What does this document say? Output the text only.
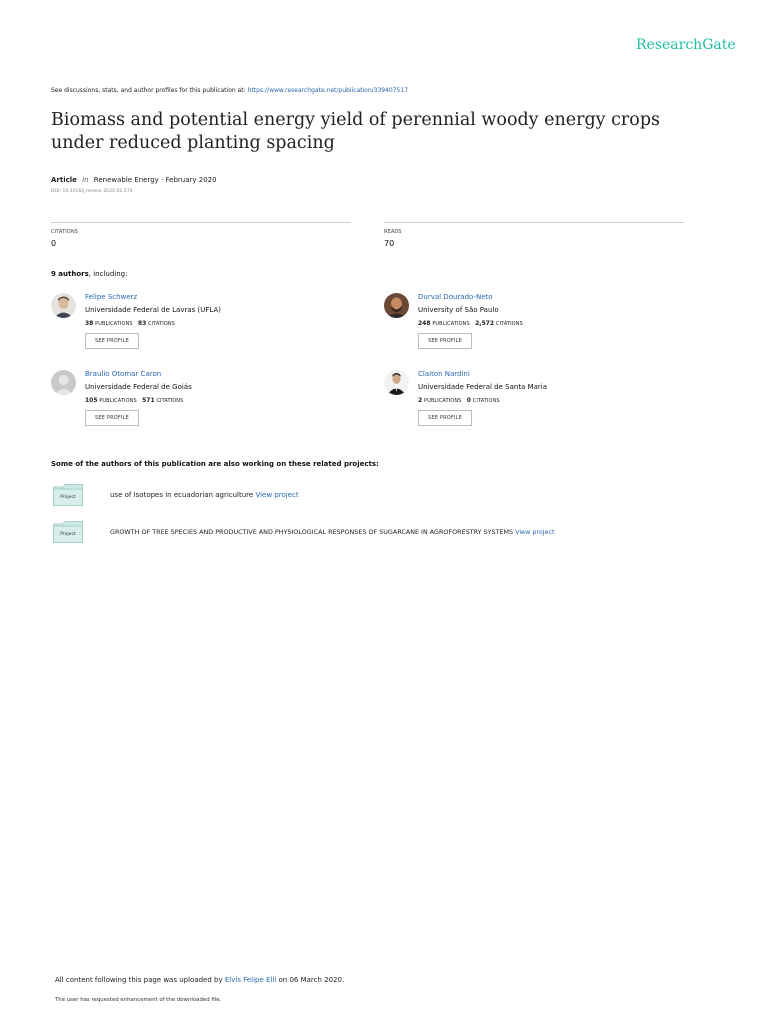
ResearchGate
See discussions, stats, and author profiles for this publication at: https://www.researchgate.net/publication/339407517
Biomass and potential energy yield of perennial woody energy crops under reduced planting spacing
Article in Renewable Energy · February 2020
DOI: 10.1016/j.renene.2020.02.074
CITATIONS
0
READS
70
9 authors, including:
Felipe Schwerz
Universidade Federal de Lavras (UFLA)
38 PUBLICATIONS 83 CITATIONS
SEE PROFILE
Durval Dourado-Neto
University of São Paulo
248 PUBLICATIONS 2,572 CITATIONS
SEE PROFILE
Braulio Otomar Caron
Universidade Federal de Goiás
105 PUBLICATIONS 571 CITATIONS
SEE PROFILE
Claiton Nardini
Universidade Federal de Santa Maria
2 PUBLICATIONS 0 CITATIONS
SEE PROFILE
Some of the authors of this publication are also working on these related projects:
Project	use of Isotopes in ecuadorian agriculture View project
Project	GROWTH OF TREE SPECIES AND PRODUCTIVE AND PHYSIOLOGICAL RESPONSES OF SUGARCANE IN AGROFORESTRY SYSTEMS View project
All content following this page was uploaded by Elvis Felipe Elli on 06 March 2020.
The user has requested enhancement of the downloaded file.
